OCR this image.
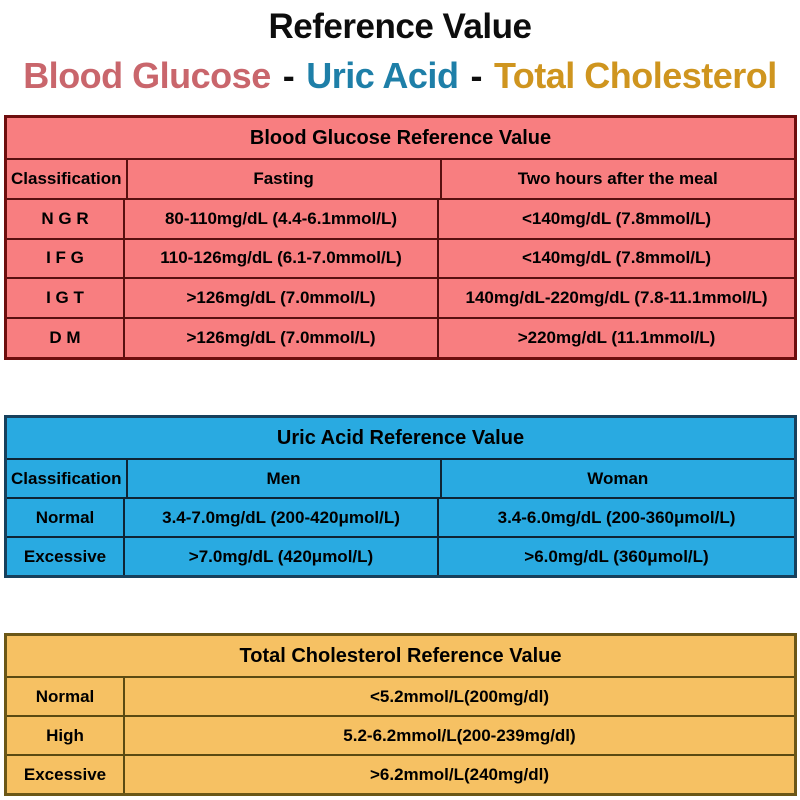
Reference Value
Blood Glucose - Uric Acid - Total Cholesterol
Blood Glucose Reference Value
Classification	Fasting	Two hours after the meal
N G R	80-110mg/dL (4.4-6.1mmol/L)	<140mg/dL (7.8mmol/L)
I F G	110-126mg/dL (6.1-7.0mmol/L)	<140mg/dL (7.8mmol/L)
I G T	>126mg/dL (7.0mmol/L)	140mg/dL-220mg/dL (7.8-11.1mmol/L)
D M	>126mg/dL (7.0mmol/L)	>220mg/dL (11.1mmol/L)
Uric Acid Reference Value
Classification	Men	Woman
Normal	3.4-7.0mg/dL (200-420μmol/L)	3.4-6.0mg/dL (200-360μmol/L)
Excessive	>7.0mg/dL (420μmol/L)	>6.0mg/dL (360μmol/L)
Total Cholesterol Reference Value
Normal	<5.2mmol/L(200mg/dl)
High	5.2-6.2mmol/L(200-239mg/dl)
Excessive	>6.2mmol/L(240mg/dl)
